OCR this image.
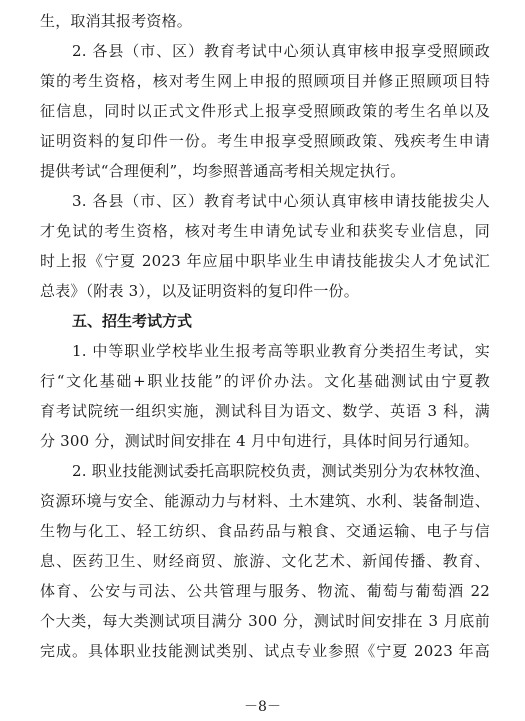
生，取消其报考资格。
2. 各县（市、区）教育考试中心须认真审核申报享受照顾政
策的考生资格，核对考生网上申报的照顾项目并修正照顾项目特
征信息，同时以正式文件形式上报享受照顾政策的考生名单以及
证明资料的复印件一份。考生申报享受照顾政策、残疾考生申请
提供考试“合理便利”，均参照普通高考相关规定执行。
3. 各县（市、区）教育考试中心须认真审核申请技能拔尖人
才免试的考生资格，核对考生申请免试专业和获奖专业信息，同
时上报《宁夏 2023 年应届中职毕业生申请技能拔尖人才免试汇
总表》（附表 3），以及证明资料的复印件一份。
五、招生考试方式
1. 中等职业学校毕业生报考高等职业教育分类招生考试，实
行“文化基础+职业技能”的评价办法。文化基础测试由宁夏教
育考试院统一组织实施，测试科目为语文、数学、英语 3 科，满
分 300 分，测试时间安排在 4 月中旬进行，具体时间另行通知。
2. 职业技能测试委托高职院校负责，测试类别分为农林牧渔、
资源环境与安全、能源动力与材料、土木建筑、水利、装备制造、
生物与化工、轻工纺织、食品药品与粮食、交通运输、电子与信
息、医药卫生、财经商贸、旅游、文化艺术、新闻传播、教育、
体育、公安与司法、公共管理与服务、物流、葡萄与葡萄酒 22
个大类，每大类测试项目满分 300 分，测试时间安排在 3 月底前
完成。具体职业技能测试类别、试点专业参照《宁夏 2023 年高
－8－
